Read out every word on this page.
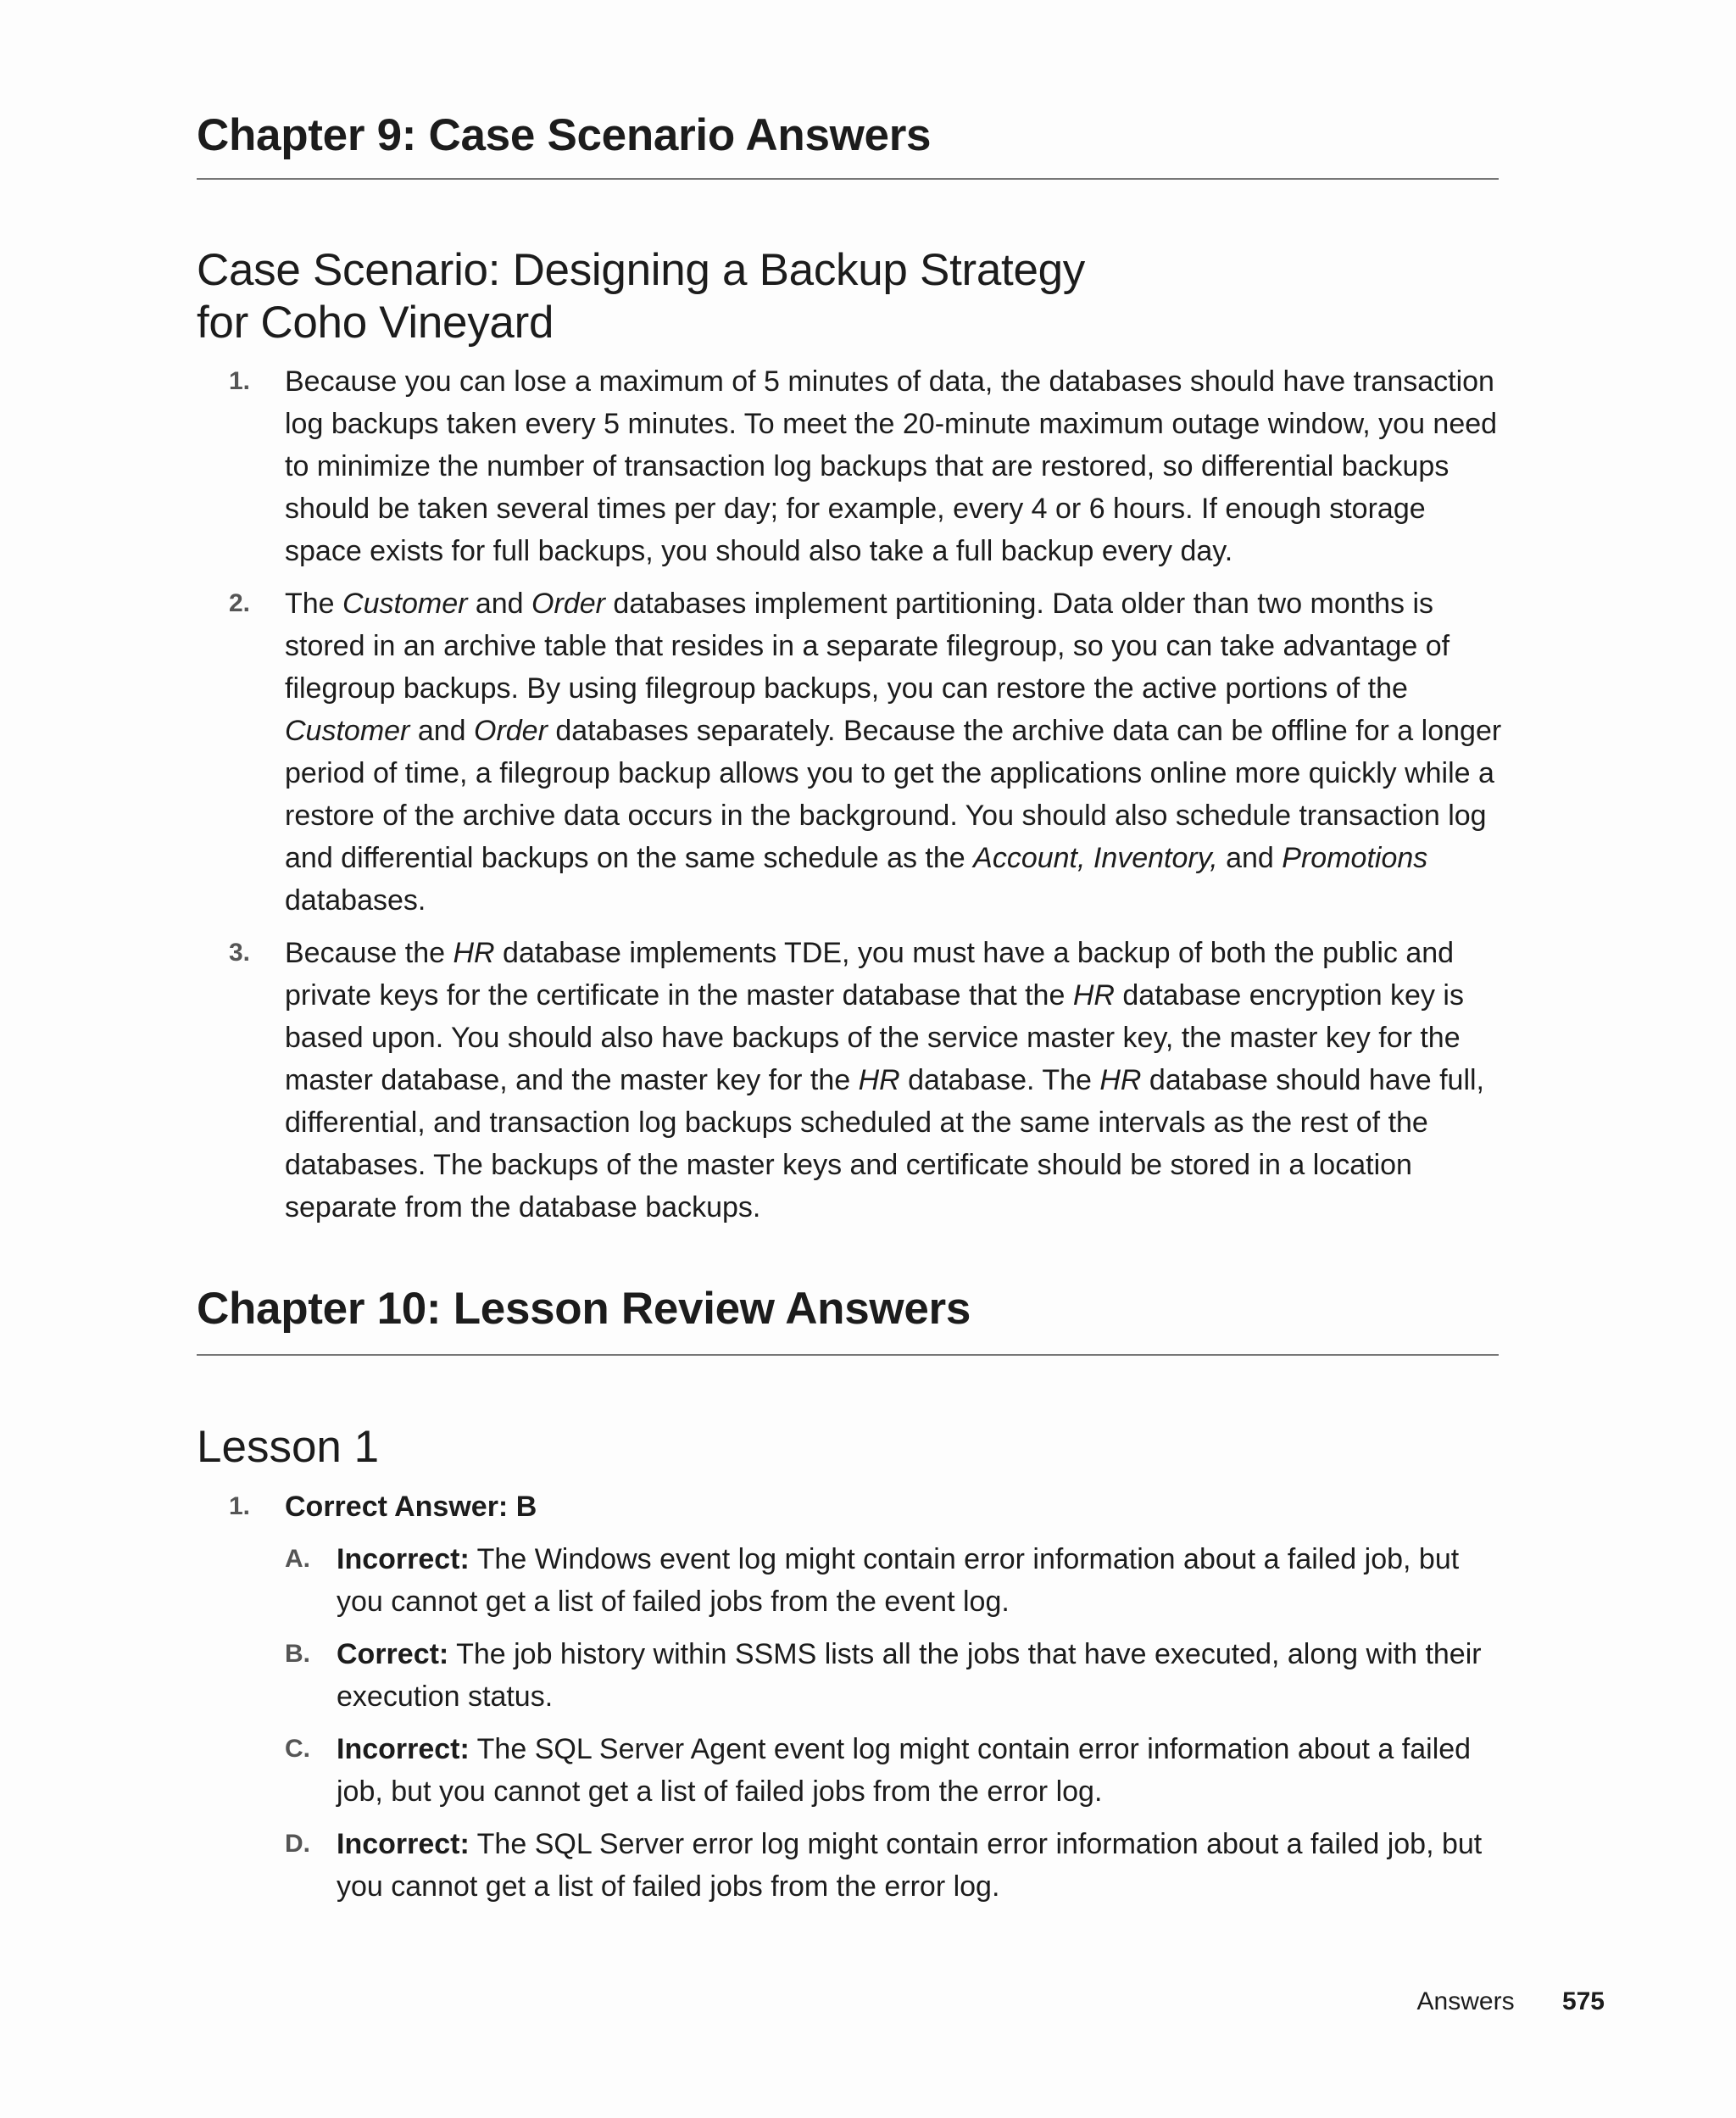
Chapter 9: Case Scenario Answers
Case Scenario: Designing a Backup Strategy
for Coho Vineyard
1. Because you can lose a maximum of 5 minutes of data, the databases should have transaction log backups taken every 5 minutes. To meet the 20-minute maximum outage window, you need to minimize the number of transaction log backups that are restored, so differential backups should be taken several times per day; for example, every 4 or 6 hours. If enough storage space exists for full backups, you should also take a full backup every day.
2. The Customer and Order databases implement partitioning. Data older than two months is stored in an archive table that resides in a separate filegroup, so you can take advantage of filegroup backups. By using filegroup backups, you can restore the active portions of the Customer and Order databases separately. Because the archive data can be offline for a longer period of time, a filegroup backup allows you to get the applications online more quickly while a restore of the archive data occurs in the background. You should also schedule transaction log and differential backups on the same schedule as the Account, Inventory, and Promotions databases.
3. Because the HR database implements TDE, you must have a backup of both the public and private keys for the certificate in the master database that the HR database encryption key is based upon. You should also have backups of the service master key, the master key for the master database, and the master key for the HR database. The HR database should have full, differential, and transaction log backups scheduled at the same intervals as the rest of the databases. The backups of the master keys and certificate should be stored in a location separate from the database backups.
Chapter 10: Lesson Review Answers
Lesson 1
1. Correct Answer: B
A. Incorrect: The Windows event log might contain error information about a failed job, but you cannot get a list of failed jobs from the event log.
B. Correct: The job history within SSMS lists all the jobs that have executed, along with their execution status.
C. Incorrect: The SQL Server Agent event log might contain error information about a failed job, but you cannot get a list of failed jobs from the error log.
D. Incorrect: The SQL Server error log might contain error information about a failed job, but you cannot get a list of failed jobs from the error log.
Answers 575
